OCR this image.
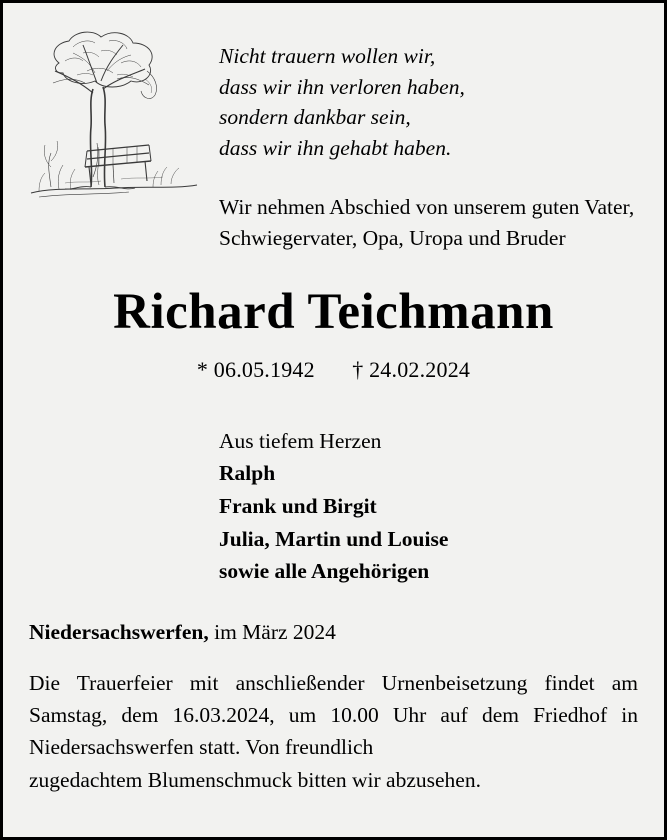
Nicht trauern wollen wir,
dass wir ihn verloren haben,
sondern dankbar sein,
dass wir ihn gehabt haben.
Wir nehmen Abschied von unserem guten Vater, Schwiegervater, Opa, Uropa und Bruder
Richard Teichmann
* 06.05.1942 † 24.02.2024
Aus tiefem Herzen
Ralph
Frank und Birgit
Julia, Martin und Louise
sowie alle Angehörigen
Niedersachswerfen, im März 2024
Die Trauerfeier mit anschließender Urnenbeisetzung findet am Samstag, dem 16.03.2024, um 10.00 Uhr auf dem Friedhof in Niedersachswerfen statt. Von freundlich
zugedachtem Blumenschmuck bitten wir abzusehen.
